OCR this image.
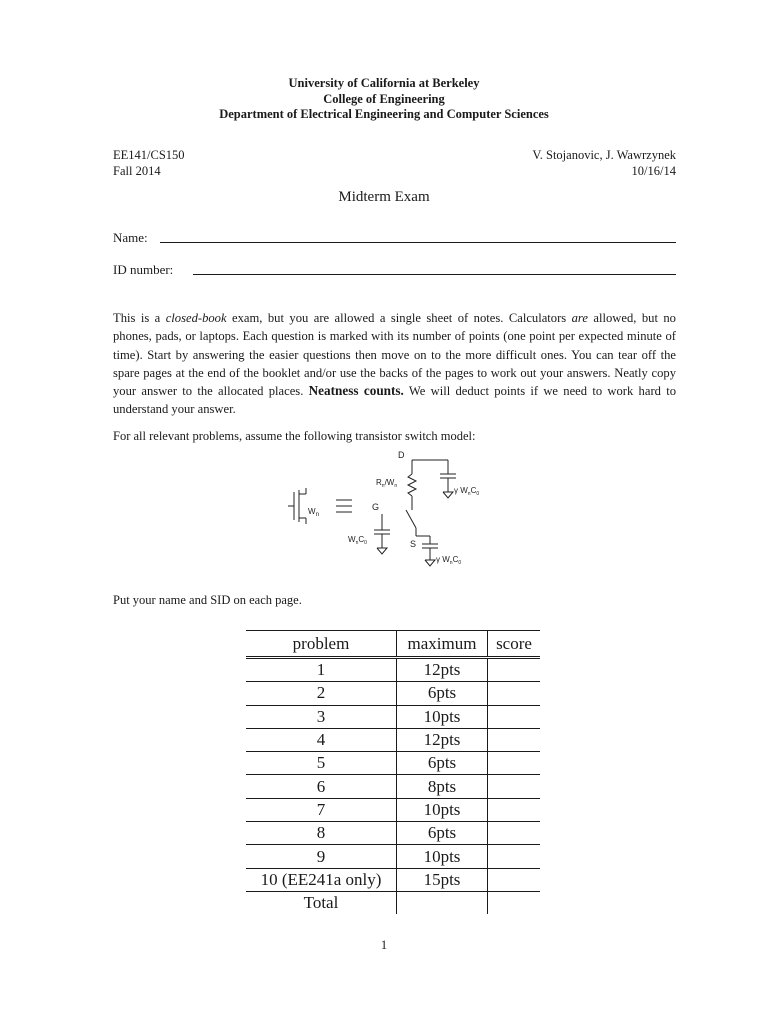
University of California at Berkeley
College of Engineering
Department of Electrical Engineering and Computer Sciences
EE141/CS150
Fall 2014
V. Stojanovic, J. Wawrzynek
10/16/14
Midterm Exam
Name:
ID number:
This is a closed-book exam, but you are allowed a single sheet of notes. Calculators are allowed, but no phones, pads, or laptops. Each question is marked with its number of points (one point per expected minute of time). Start by answering the easier questions then move on to the more difficult ones. You can tear off the spare pages at the end of the booklet and/or use the backs of the pages to work out your answers. Neatly copy your answer to the allocated places. Neatness counts. We will deduct points if we need to work hard to understand your answer.
For all relevant problems, assume the following transistor switch model:
$W_n$
D
$R_n/W_n$	γ $W_nC_0$
S
γ $W_nC_0$
G
$W_nC_0$
Put your name and SID on each page.
problem	maximum	score
1	12pts	
2	6pts	
3	10pts	
4	12pts	
5	6pts	
6	8pts	
7	10pts	
8	6pts	
9	10pts	
10 (EE241a only)	15pts	
Total		
1
